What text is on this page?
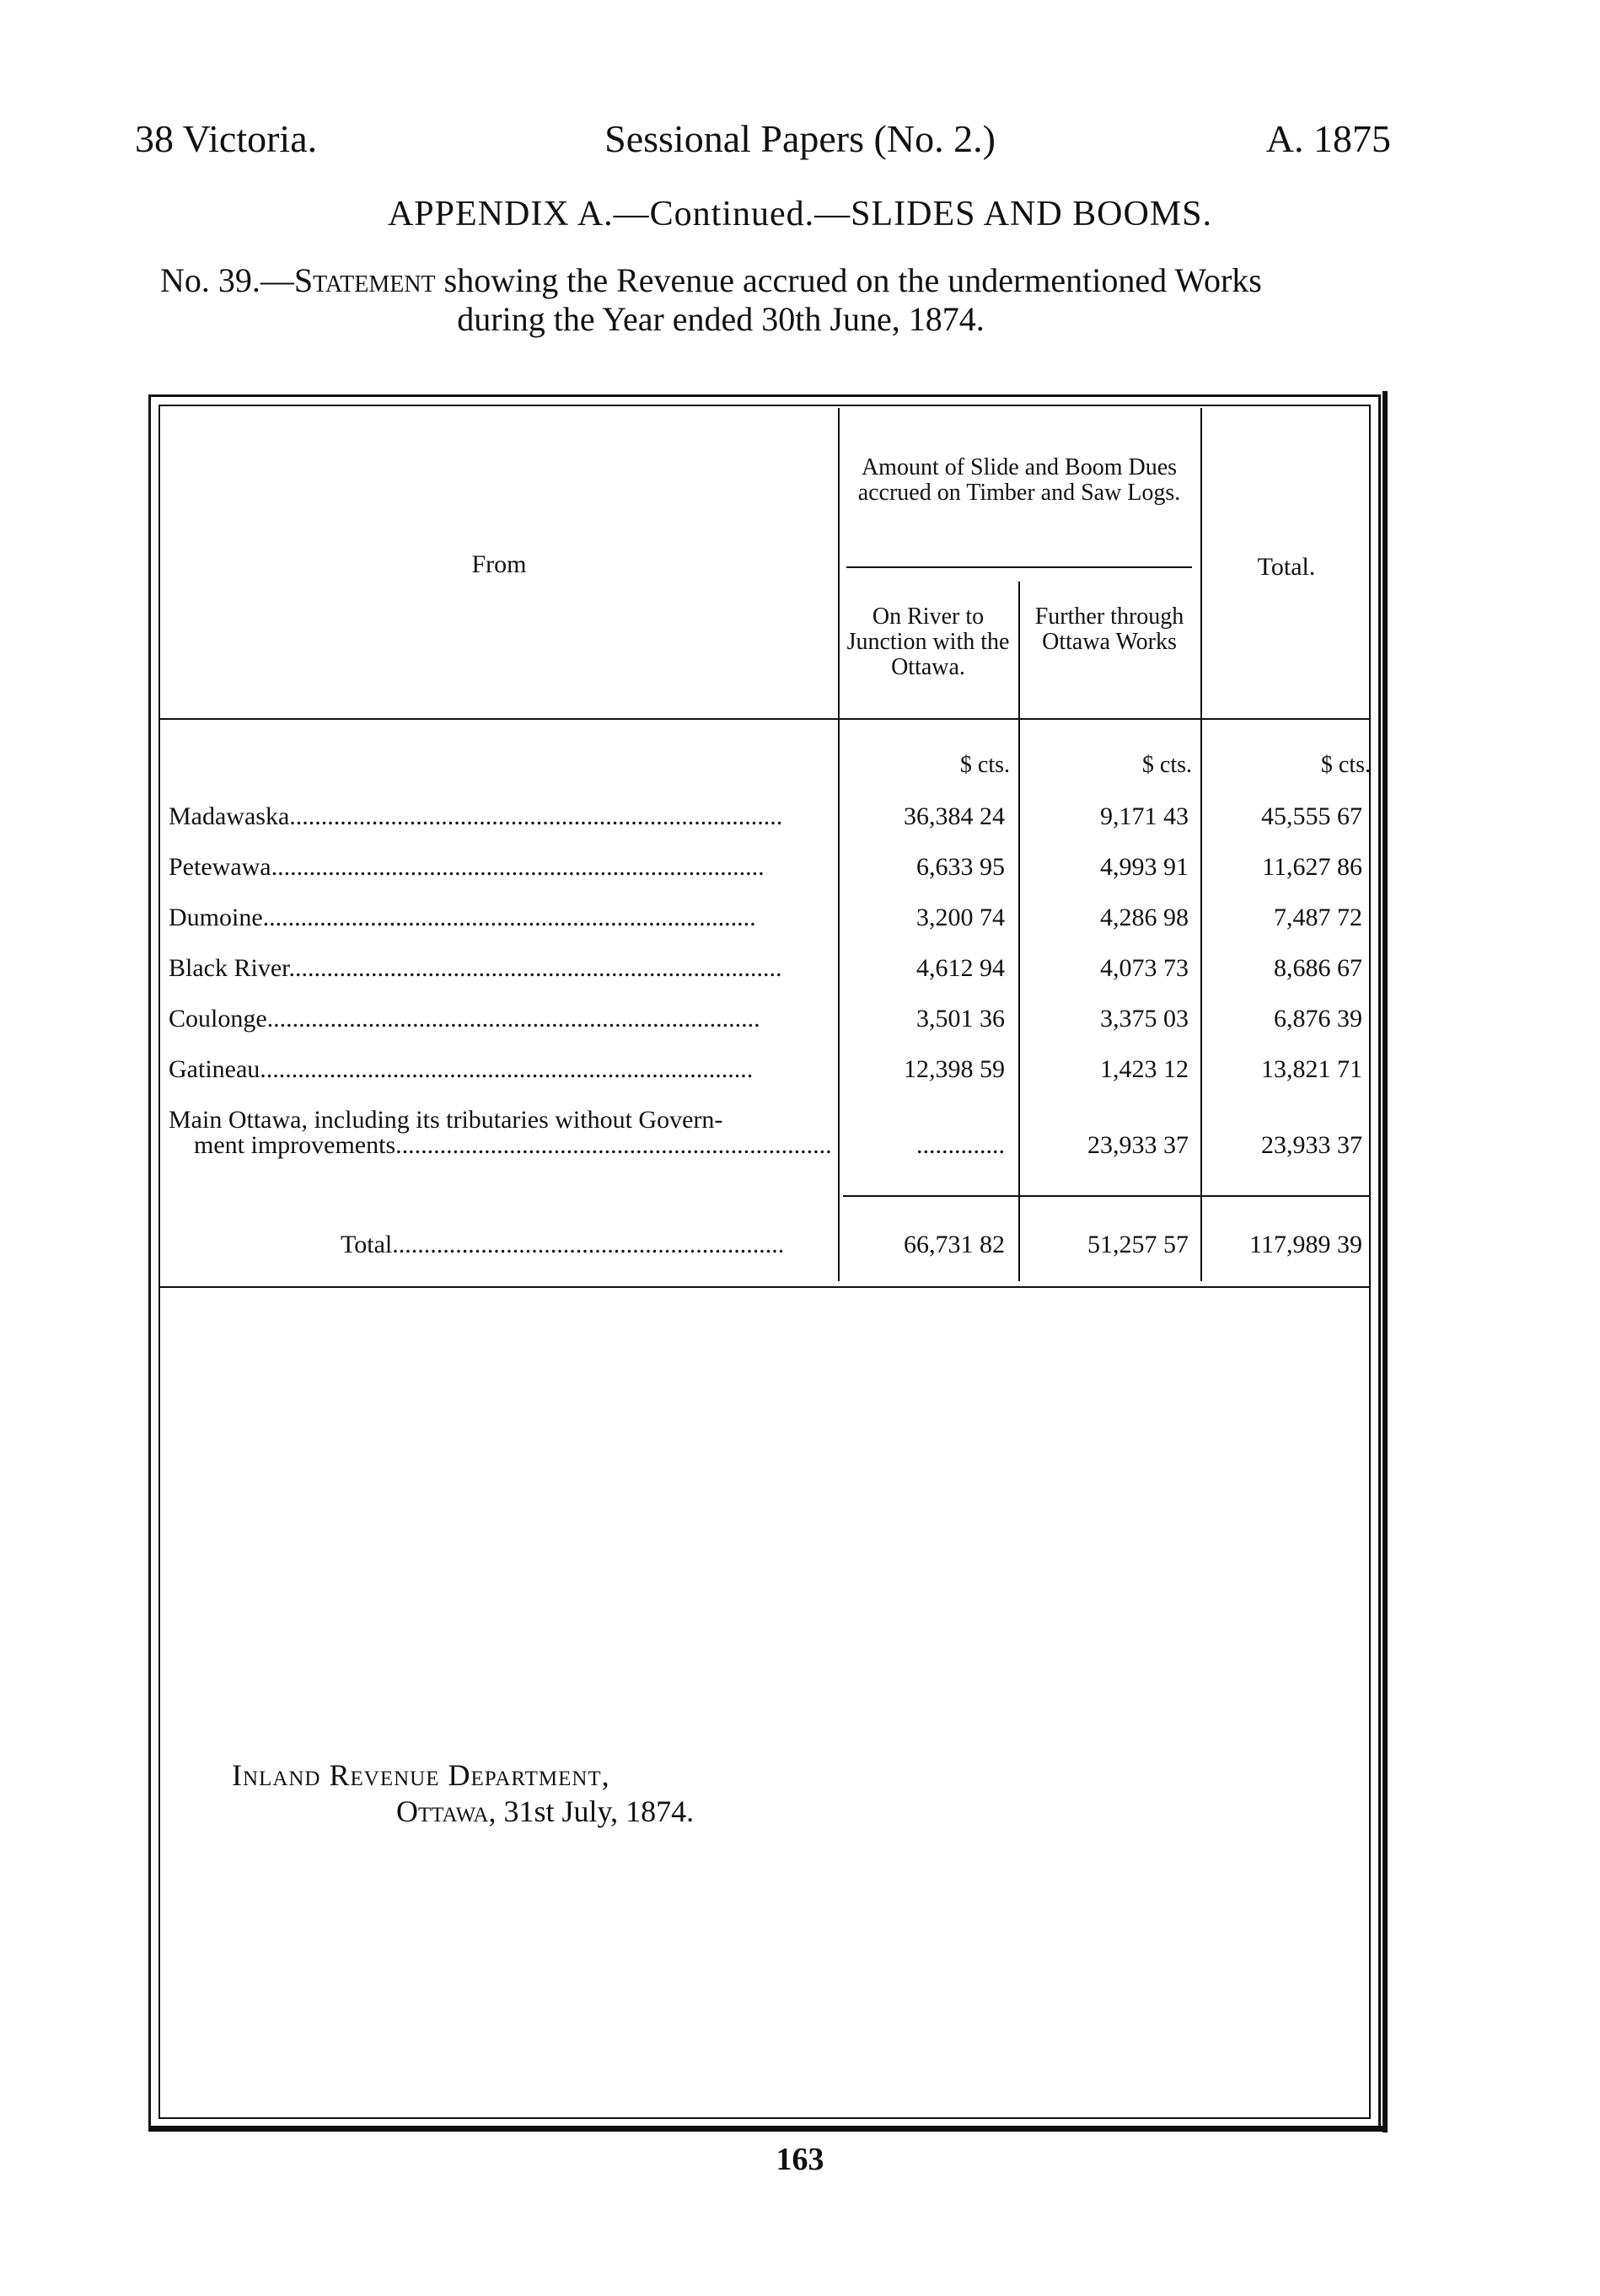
38 Victoria.	Sessional Papers (No. 2.)	A. 1875
APPENDIX A.—Continued.—SLIDES AND BOOMS.
No. 39.—Statement showing the Revenue accrued on the undermentioned Works
during the Year ended 30th June, 1874.
From
Amount of Slide and Boom Dues accrued on Timber and Saw Logs.
Total.
On River to Junction with the Ottawa.
Further through Ottawa Works
$ cts.	$ cts.	$ cts.
Madawaska..............................................................................	36,384 24	9,171 43	45,555 67
Petewawa..............................................................................	6,633 95	4,993 91	11,627 86
Dumoine..............................................................................	3,200 74	4,286 98	7,487 72
Black River..............................................................................	4,612 94	4,073 73	8,686 67
Coulonge..............................................................................	3,501 36	3,375 03	6,876 39
Gatineau..............................................................................	12,398 59	1,423 12	13,821 71
Main Ottawa, including its tributaries without Govern-
ment improvements.....................................................................	..............	23,933 37	23,933 37
Total..............................................................	66,731 82	51,257 57	117,989 39
Inland Revenue Department,
Ottawa, 31st July, 1874.
163
